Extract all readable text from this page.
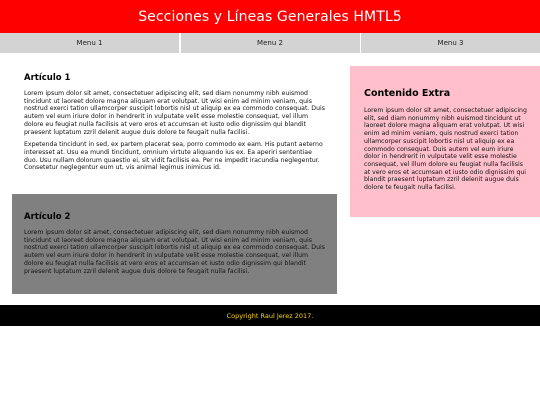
Secciones y Líneas Generales HMTL5
Menu 1	Menu 2	Menu 3
Artículo 1

Lorem ipsum dolor sit amet, consectetuer adipiscing elit, sed diam nonummy nibh euismod tincidunt ut laoreet dolore magna aliquam erat volutpat. Ut wisi enim ad minim veniam, quis nostrud exerci tation ullamcorper suscipit lobortis nisl ut aliquip ex ea commodo consequat. Duis autem vel eum iriure dolor in hendrerit in vulputate velit esse molestie consequat, vel illum dolore eu feugiat nulla facilisis at vero eros et accumsan et iusto odio dignissim qui blandit praesent luptatum zzril delenit augue duis dolore te feugait nulla facilisi.

Expetenda tincidunt in sed, ex partem placerat sea, porro commodo ex eam. His putant aeterno interesset at. Usu ea mundi tincidunt, omnium virtute aliquando ius ex. Ea aperiri sententiae duo. Usu nullam dolorum quaestio ei, sit vidit facilisis ea. Per ne impedit iracundia neglegentur. Consetetur neglegentur eum ut, vis animal legimus inimicus id.

Artículo 2

Lorem ipsum dolor sit amet, consectetuer adipiscing elit, sed diam nonummy nibh euismod tincidunt ut laoreet dolore magna aliquam erat volutpat. Ut wisi enim ad minim veniam, quis nostrud exerci tation ullamcorper suscipit lobortis nisl ut aliquip ex ea commodo consequat. Duis autem vel eum iriure dolor in hendrerit in vulputate velit esse molestie consequat, vel illum dolore eu feugiat nulla facilisis at vero eros et accumsan et iusto odio dignissim qui blandit praesent luptatum zzril delenit augue duis dolore te feugait nulla facilisi.

Contenido Extra

Lorem ipsum dolor sit amet, consectetuer adipiscing elit, sed diam nonummy nibh euismod tincidunt ut laoreet dolore magna aliquam erat volutpat. Ut wisi enim ad minim veniam, quis nostrud exerci tation ullamcorper suscipit lobortis nisl ut aliquip ex ea commodo consequat. Duis autem vel eum iriure dolor in hendrerit in vulputate velit esse molestie consequat, vel illum dolore eu feugiat nulla facilisis at vero eros et accumsan et iusto odio dignissim qui blandit praesent luptatum zzril delenit augue duis dolore te feugait nulla facilisi.

Copyright Raul Jerez 2017.
